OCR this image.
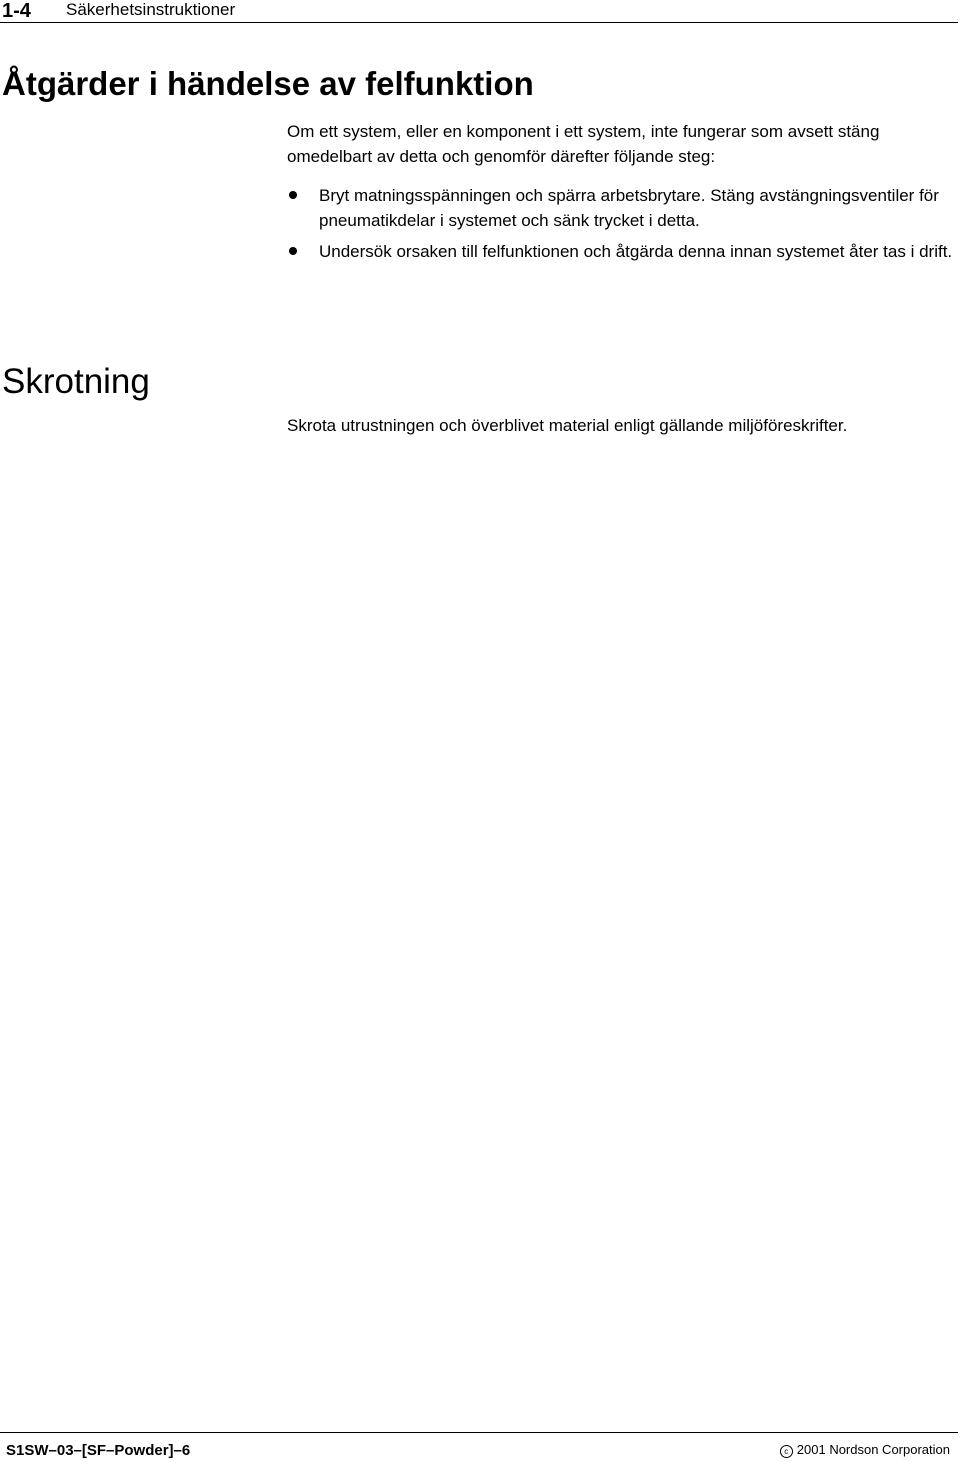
1-4 Säkerhetsinstruktioner
Åtgärder i händelse av felfunktion

Om ett system, eller en komponent i ett system, inte fungerar som avsett stäng omedelbart av detta och genomför därefter följande steg:

Bryt matningsspänningen och spärra arbetsbrytare. Stäng avstängningsventiler för pneumatikdelar i systemet och sänk trycket i detta.
Undersök orsaken till felfunktionen och åtgärda denna innan systemet åter tas i drift.
Skrotning

Skrota utrustningen och överblivet material enligt gällande miljöföreskrifter.

S1SW–03–[SF–Powder]–6	c 2001 Nordson Corporation
